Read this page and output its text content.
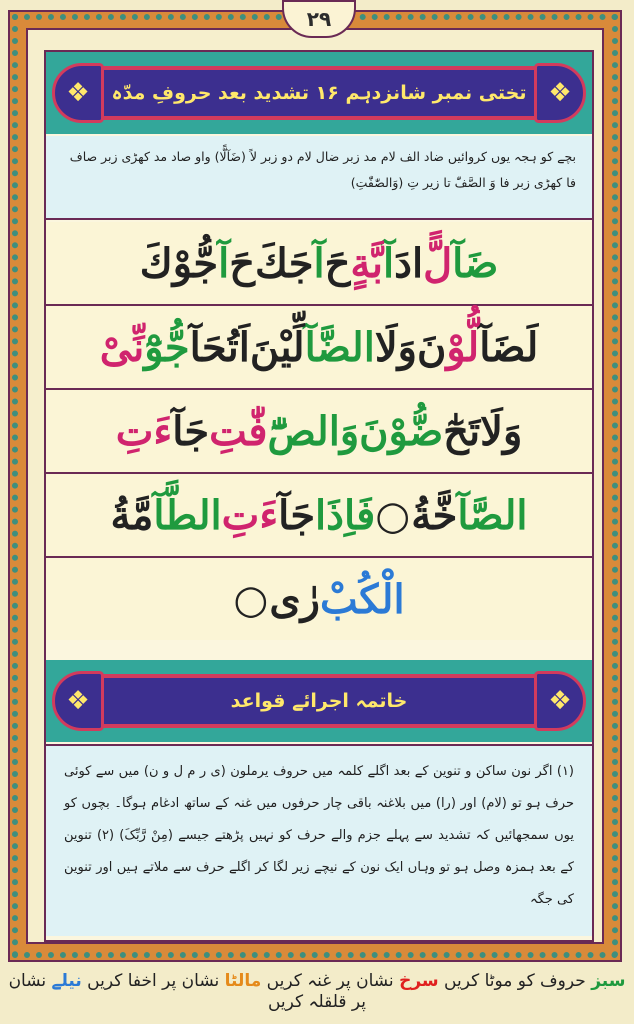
۲۹
❖	تختی نمبر شانزدہم ۱۶ تشدید بعد حروفِ مدّہ ❖
بچے کو ہجہ یوں کروائیں ضاد الف لام مد زبر ضال لام دو زبر لاً (ضَآلًّا) واو صاد مد کھڑی زبر صاف فا کھڑی زبر فا وَ الصَّفّٰ تا زیر تِ (وَالصّٰفّٰتِ)
ضَآ
لًّ
ا
دَ
آ
بَّةٍ
حَ
آ
جَكَ
حَ
آ
جُّوْكَ
لَضَآ
لُّوْ
نَ
وَلَا
الضَّآ
لِّيْنَ
اَتُحَآ
جُّوْٓ
نِّىْ
وَلَا
تَحٰٓ
ضُّوْنَ
وَالصّٰٓ
فّٰتِ
جَآ
ءَتِ
الصَّآ
خَّةُ
○
فَاِذَا
جَآ
ءَتِ
الطَّآ
مَّةُ
الْكُبْ
رٰى
○
❖	خاتمہ اجرائے قواعد	❖
(۱) اگر نون ساکن و تنوین کے بعد اگلے کلمہ میں حروف یرملون (ی ر م ل و ن) میں سے کوئی حرف ہو تو (لام) اور (را) میں بلاغنہ باقی چار حرفوں میں غنہ کے ساتھ ادغام ہوگا۔ بچوں کو یوں سمجھائیں کہ تشدید سے پہلے جزم والے حرف کو نہیں پڑھتے جیسے (مِنْ رَّبِّکَ) (۲) تنوین کے بعد ہمزہ وصل ہو تو وہاں ایک نون کے نیچے زیر لگا کر اگلے حرف سے ملاتے ہیں اور تنوین کی جگہ
سبز حروف کو موٹا کریں سرخ نشان پر غنہ کریں مالٹا نشان پر اخفا کریں نیلے نشان پر قلقلہ کریں
